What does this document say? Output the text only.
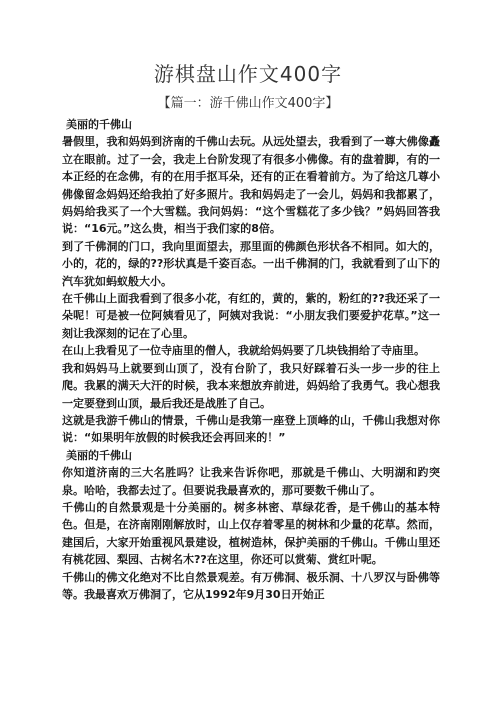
游棋盘山作文400字
【篇一：游千佛山作文400字】

美丽的千佛山

暑假里，我和妈妈到济南的千佛山去玩。从远处望去，我看到了一尊大佛像矗立在眼前。过了一会，我走上台阶发现了有很多小佛像。有的盘着脚，有的一本正经的在念佛，有的在用手抠耳朵，还有的正在看着前方。为了给这几尊小佛像留念妈妈还给我拍了好多照片。我和妈妈走了一会儿，妈妈和我都累了，妈妈给我买了一个大雪糕。我问妈妈：“这个雪糕花了多少钱？”妈妈回答我说：“16元。”这么贵，相当于我们家的8倍。

到了千佛洞的门口，我向里面望去，那里面的佛颜色形状各不相同。如大的，小的，花的，绿的??形状真是千姿百态。一出千佛洞的门，我就看到了山下的汽车犹如蚂蚁般大小。

在千佛山上面我看到了很多小花，有红的，黄的，紫的，粉红的??我还采了一朵呢！可是被一位阿姨看见了，阿姨对我说：“小朋友我们要爱护花草。”这一刻让我深刻的记在了心里。

在山上我看见了一位寺庙里的僧人，我就给妈妈要了几块钱捐给了寺庙里。

我和妈妈马上就要到山顶了，没有台阶了，我只好踩着石头一步一步的往上爬。我累的满天大汗的时候，我本来想放弃前进，妈妈给了我勇气。我心想我一定要登到山顶，最后我还是战胜了自己。

这就是我游千佛山的情景，千佛山是我第一座登上顶峰的山，千佛山我想对你说：“如果明年放假的时候我还会再回来的！”

美丽的千佛山

你知道济南的三大名胜吗？让我来告诉你吧，那就是千佛山、大明湖和趵突泉。哈哈，我都去过了。但要说我最喜欢的，那可要数千佛山了。

千佛山的自然景观是十分美丽的。树多林密、草绿花香，是千佛山的基本特色。但是，在济南刚刚解放时，山上仅存着零星的树林和少量的花草。然而，建国后，大家开始重视风景建设，植树造林，保护美丽的千佛山。千佛山里还有桃花园、梨园、古树名木??在这里，你还可以赏菊、赏红叶呢。

千佛山的佛文化绝对不比自然景观差。有万佛洞、极乐洞、十八罗汉与卧佛等等。我最喜欢万佛洞了，它从1992年9月30日开始正
